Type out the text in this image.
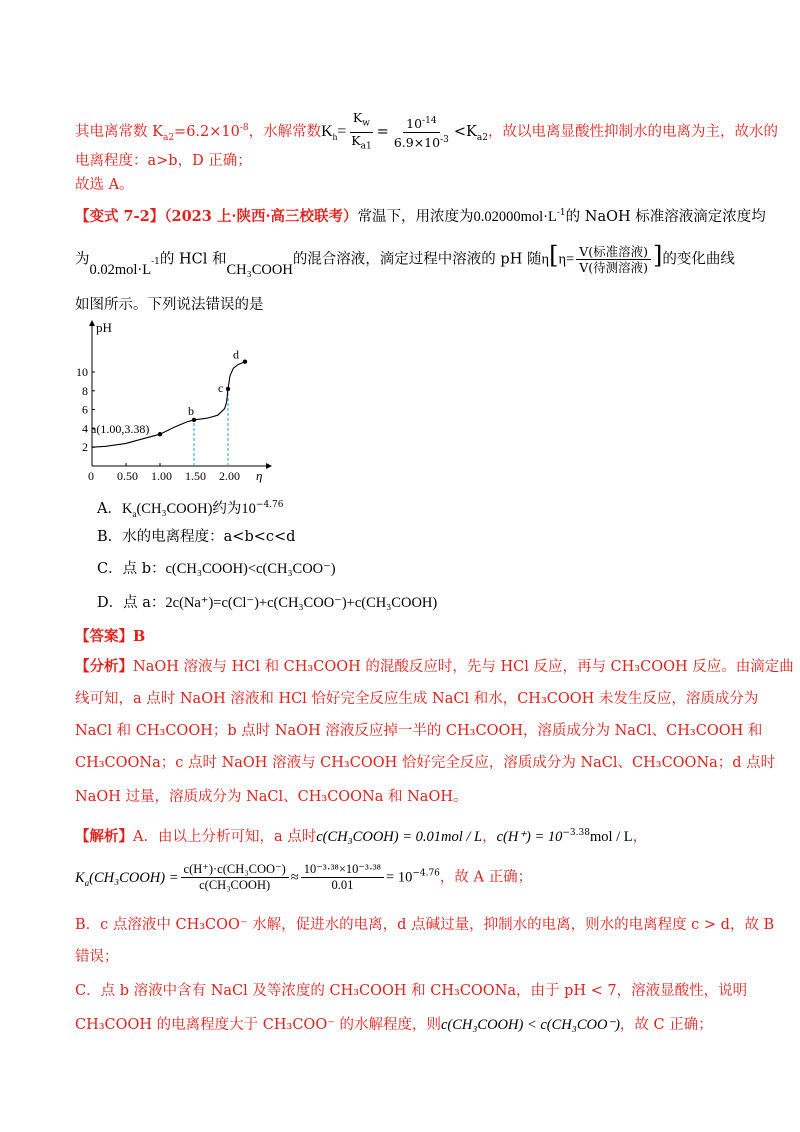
其电离常数 $K_{a2}=6.2\times 10^{-8}$，水解常数$K_h= \frac{K_w}{K_{a1}} = \frac{10^{-14}}{6.9\times 10^{-3}} <K_{a2}$，故以电离显酸性抑制水的电离为主，故水的
电离程度：a>b，D 正确；
故选 A。
【变式 7-2】（2023 上·陕西·高三校联考）常温下，用浓度为$0.02000mol\cdot L^{-1}$的 NaOH 标准溶液滴定浓度均
为$0.02mol\cdot L^{-1}$的 HCl 和CH₃COOH的混合溶液，滴定过程中溶液的 pH 随$\eta[\eta= \frac{\text{V(标准溶液)}}{\text{V(待测溶液)}}$ ]的变化曲线
如图所示。下列说法错误的是
pH
η
0 0.50 1.00 1.50 2.00
2
4
6
8
10
a(1.00,3.38)
b
c
d
A．$K_a(CH_3COOH)$约为$10^{-4.76}$
B．水的电离程度：a<b<c<d
C．点 b：c(CH₃COOH)<c(CH₃COO⁻)
D．点 a：2c(Na⁺)=c(Cl⁻)+c(CH₃COO⁻)+c(CH₃COOH)
【答案】B
【分析】NaOH 溶液与 HCl 和 CH₃COOH 的混酸反应时，先与 HCl 反应，再与 CH₃COOH 反应。由滴定曲
线可知，a 点时 NaOH 溶液和 HCl 恰好完全反应生成 NaCl 和水，CH₃COOH 未发生反应，溶质成分为
NaCl 和 CH₃COOH；b 点时 NaOH 溶液反应掉一半的 CH₃COOH，溶质成分为 NaCl、CH₃COOH 和
CH₃COONa；c 点时 NaOH 溶液与 CH₃COOH 恰好完全反应，溶质成分为 NaCl、CH₃COONa；d 点时
NaOH 过量，溶质成分为 NaCl、CH₃COONa 和 NaOH。
【解析】A．由以上分析可知，a 点时c(CH₃COOH) = 0.01mol / L，$c(H^+) = 10^{-3.38}mol / L$，
$K_a(CH_3COOH) = \frac{\text{c(H⁺)·c(CH₃COO⁻)}}{\text{c(CH₃COOH)}} \approx \frac{\text{10⁻³·³⁸×10⁻³·³⁸}}{0.01} = 10^{-4.76}$，故 A 正确；
B．c 点溶液中 CH₃COO⁻ 水解，促进水的电离，d 点碱过量，抑制水的电离，则水的电离程度 c > d，故 B
错误；
C．点 b 溶液中含有 NaCl 及等浓度的 CH₃COOH 和 CH₃COONa，由于 pH < 7，溶液显酸性，说明
CH₃COOH 的电离程度大于 CH₃COO⁻ 的水解程度，则c(CH₃COOH) < c(CH₃COO⁻)，故 C 正确；
